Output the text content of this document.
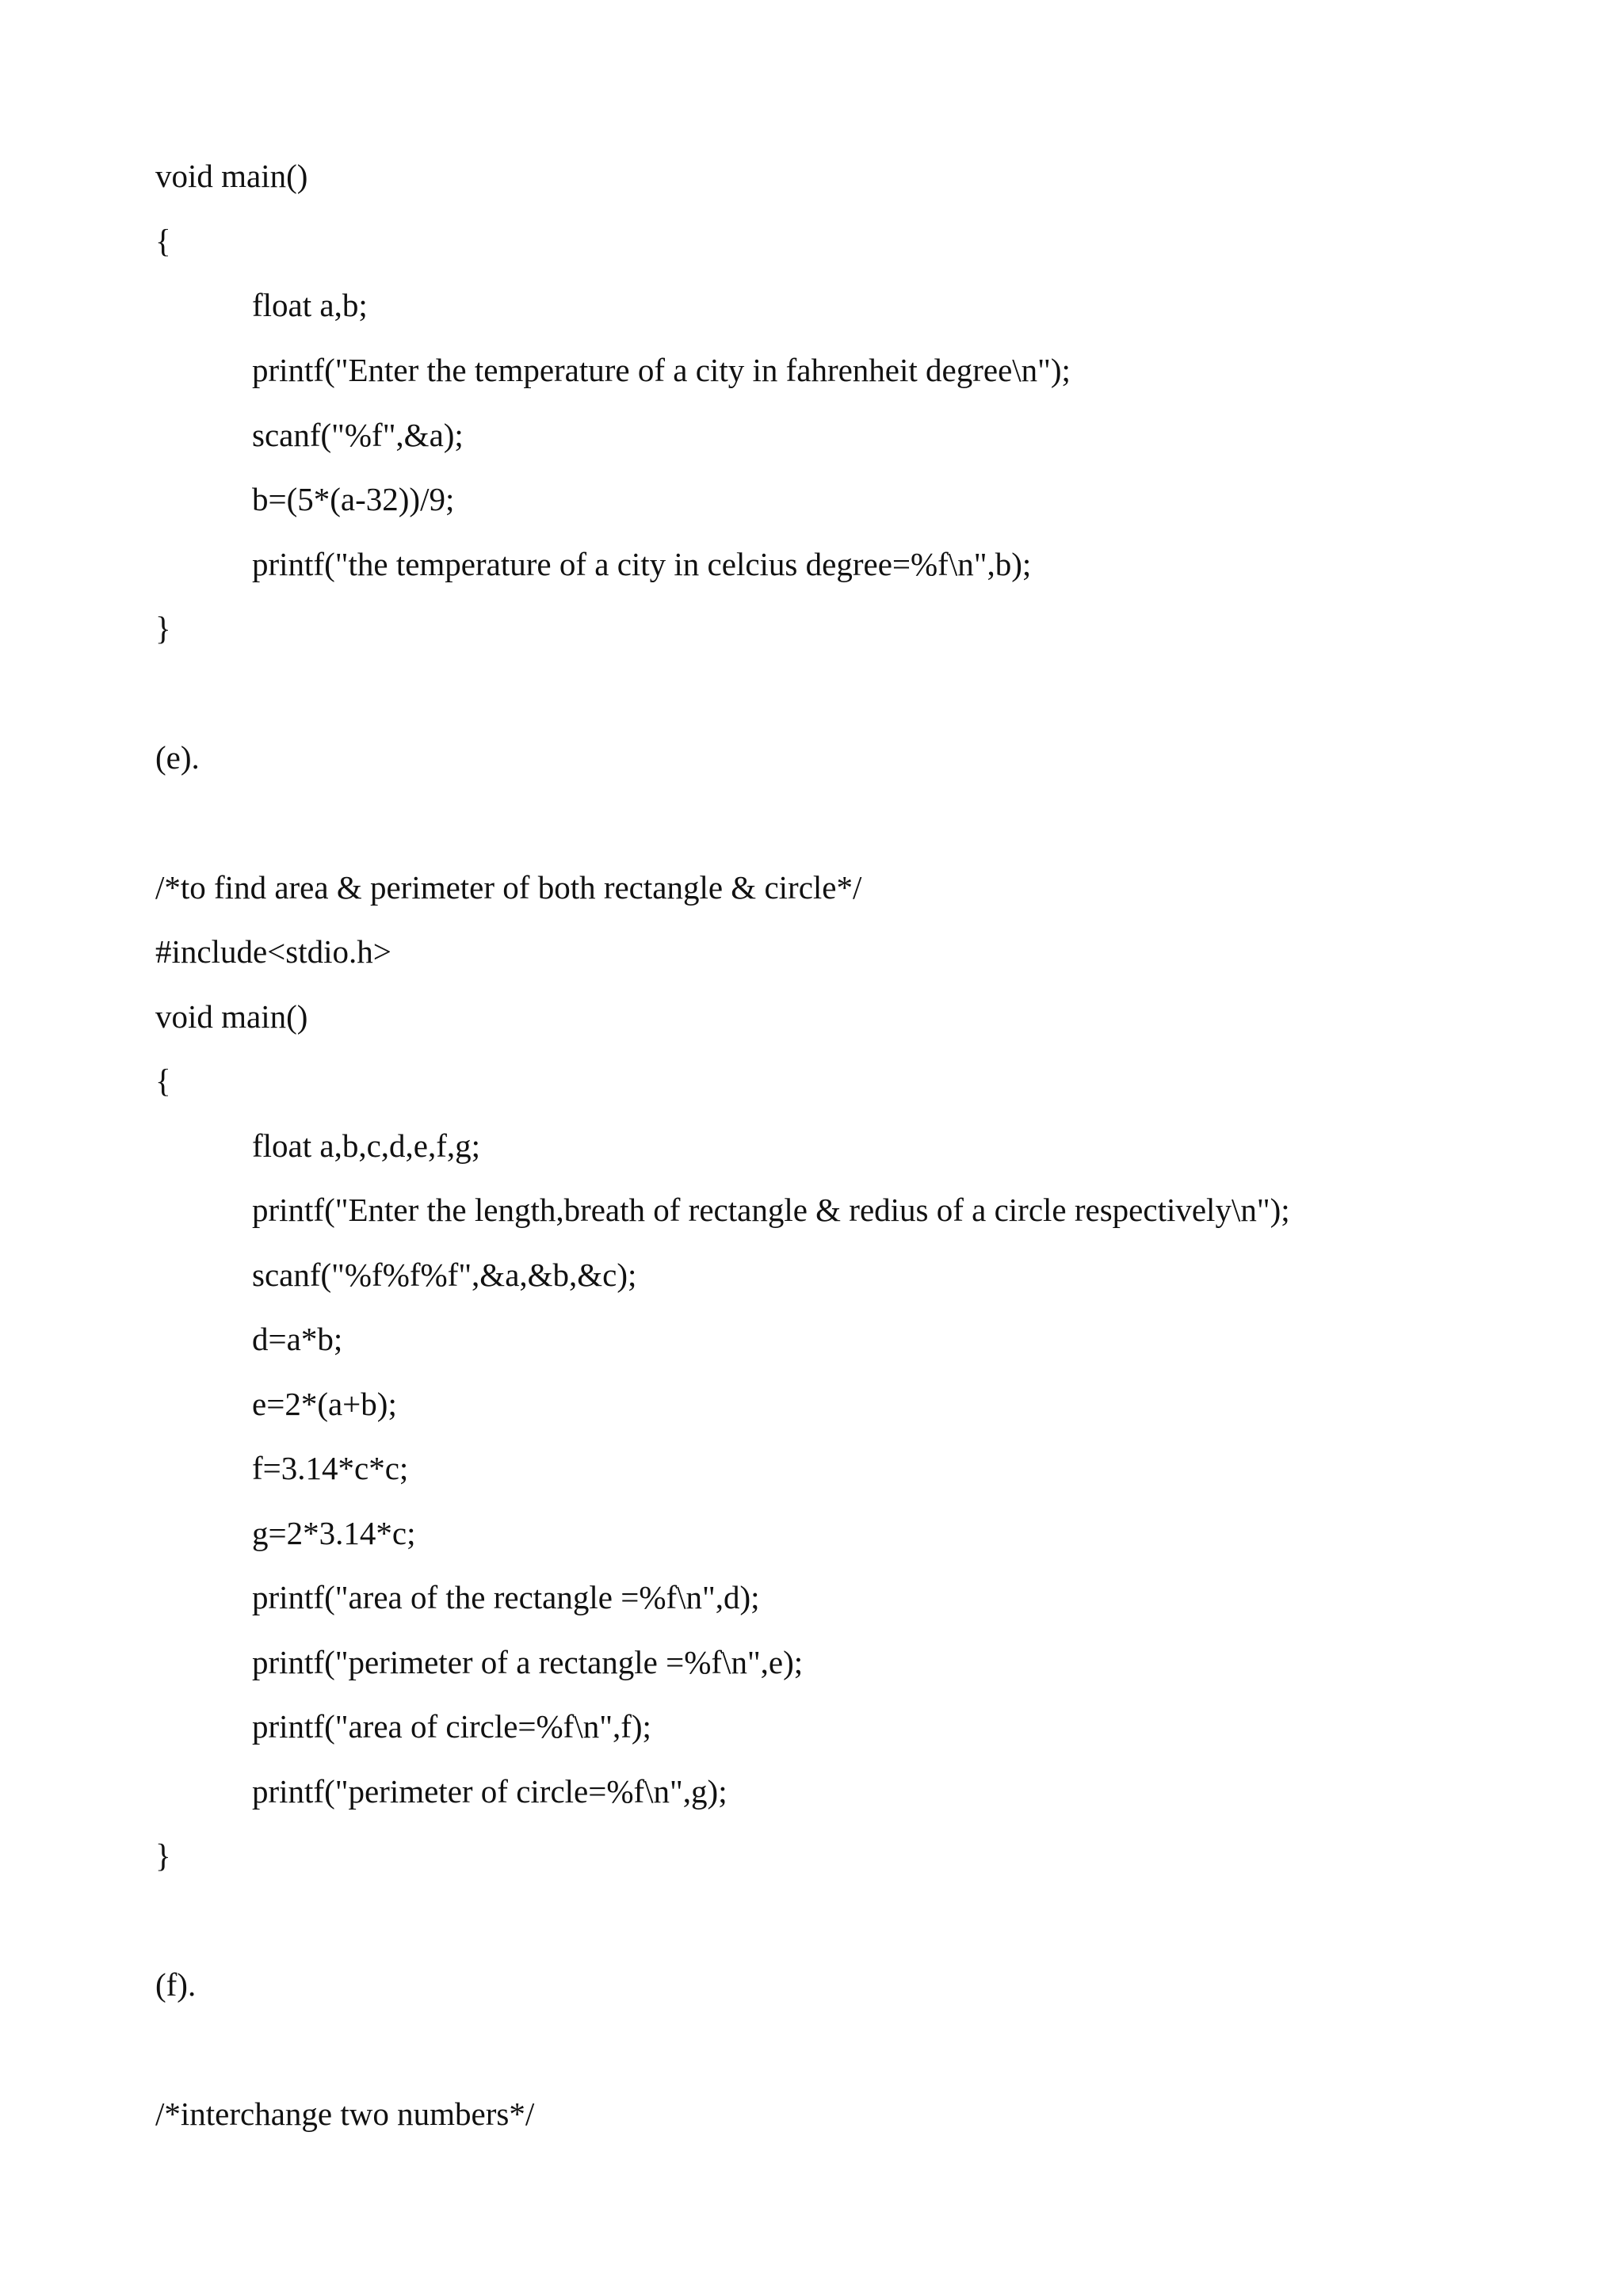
void main()
{
float a,b;
printf("Enter the temperature of a city in fahrenheit degree\n");
scanf("%f",&a);
b=(5*(a-32))/9;
printf("the temperature of a city in celcius degree=%f\n",b);
}
(e).
/*to find area & perimeter of both rectangle & circle*/
#include<stdio.h>
void main()
{
float a,b,c,d,e,f,g;
printf("Enter the length,breath of rectangle & redius of a circle respectively\n");
scanf("%f%f%f",&a,&b,&c);
d=a*b;
e=2*(a+b);
f=3.14*c*c;
g=2*3.14*c;
printf("area of the rectangle =%f\n",d);
printf("perimeter of a rectangle =%f\n",e);
printf("area of circle=%f\n",f);
printf("perimeter of circle=%f\n",g);
}
(f).
/*interchange two numbers*/
